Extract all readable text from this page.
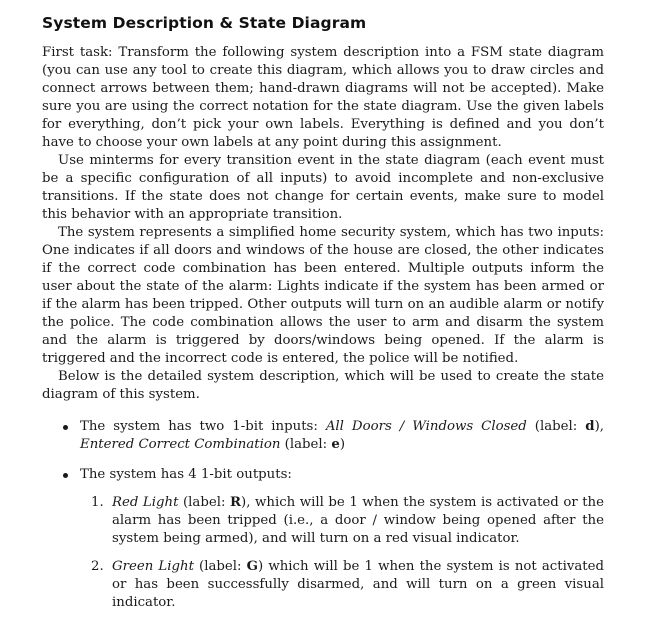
System Description & State Diagram

First task: Transform the following system description into a FSM state diagram (you can use any tool to create this diagram, which allows you to draw circles and connect arrows between them; hand-drawn diagrams will not be accepted). Make sure you are using the correct notation for the state diagram. Use the given labels for everything, don’t pick your own labels. Everything is defined and you don’t have to choose your own labels at any point during this assignment.

Use minterms for every transition event in the state diagram (each event must be a specific configuration of all inputs) to avoid incomplete and non-exclusive transitions. If the state does not change for certain events, make sure to model this behavior with an appropriate transition.

The system represents a simplified home security system, which has two inputs: One indicates if all doors and windows of the house are closed, the other indicates if the correct code combination has been entered. Multiple outputs inform the user about the state of the alarm: Lights indicate if the system has been armed or if the alarm has been tripped. Other outputs will turn on an audible alarm or notify the police. The code combination allows the user to arm and disarm the system and the alarm is triggered by doors/windows being opened. If the alarm is triggered and the incorrect code is entered, the police will be notified.

Below is the detailed system description, which will be used to create the state diagram of this system.

The system has two 1-bit inputs: All Doors / Windows Closed (label: d), Entered Correct Combination (label: e)
The system has 4 1-bit outputs:
1. Red Light (label: R), which will be 1 when the system is activated or the alarm has been tripped (i.e., a door / window being opened after the system being armed), and will turn on a red visual indicator.
2. Green Light (label: G) which will be 1 when the system is not activated or has been successfully disarmed, and will turn on a green visual indicator.
